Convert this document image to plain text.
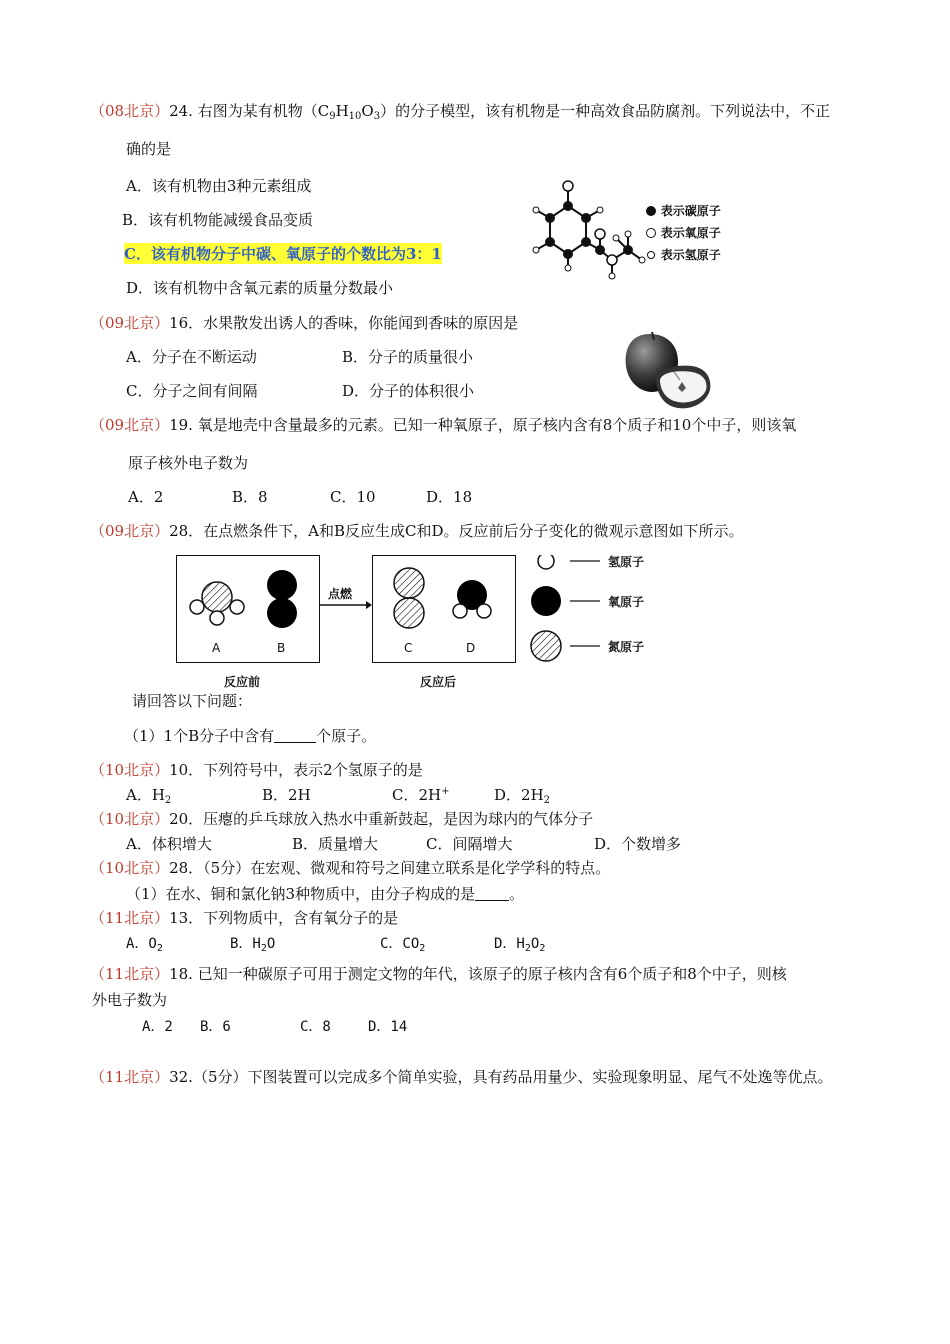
（08北京）24. 右图为某有机物$(C_9H_{10}O_3)$的分子模型，该有机物是一种高效食品防腐剂。下列说法中，不正
确的是
A．该有机物由3种元素组成
B．该有机物能减缓食品变质
C．该有机物分子中碳、氧原子的个数比为3：1
D．该有机物中含氧元素的质量分数最小
表示碳原子
表示氧原子
表示氢原子
（09北京）16．水果散发出诱人的香味，你能闻到香味的原因是
A．分子在不断运动	B．分子的质量很小
C．分子之间有间隔	D．分子的体积很小
（09北京）19. 氧是地壳中含量最多的元素。已知一种氧原子，原子核内含有8个质子和10个中子，则该氧
原子核外电子数为
A．2	B．8	C．10	D．18
（09北京）28．在点燃条件下，A和B反应生成C和D。反应前后分子变化的微观示意图如下所示。
点燃
A	B	C	D
反应前	反应后
氢原子
氧原子
氮原子
请回答以下问题：
（1）1个B分子中含有	个原子。
（10北京）10．下列符号中，表示2个氢原子的是
A．$H_2$	B．2H	C．2H+	D．$2H_2$
（10北京）20．压瘪的乒乓球放入热水中重新鼓起，是因为球内的气体分子
A．体积增大	B．质量增大	C．间隔增大	D．个数增多
（10北京）28．（5分）在宏观、微观和符号之间建立联系是化学学科的特点。
（1）在水、铜和氯化钠3种物质中，由分子构成的是 。
（11北京）13．下列物质中，含有氧分子的是
A．$O_2$	B．$H_2O$	C．$CO_2$	D．$H_2O_2$
（11北京）18. 已知一种碳原子可用于测定文物的年代，该原子的原子核内含有6个质子和8个中子，则核
外电子数为
A．2 B．6	C．8	D．14
（11北京）32.（5分）下图装置可以完成多个简单实验，具有药品用量少、实验现象明显、尾气不处逸等优点。
